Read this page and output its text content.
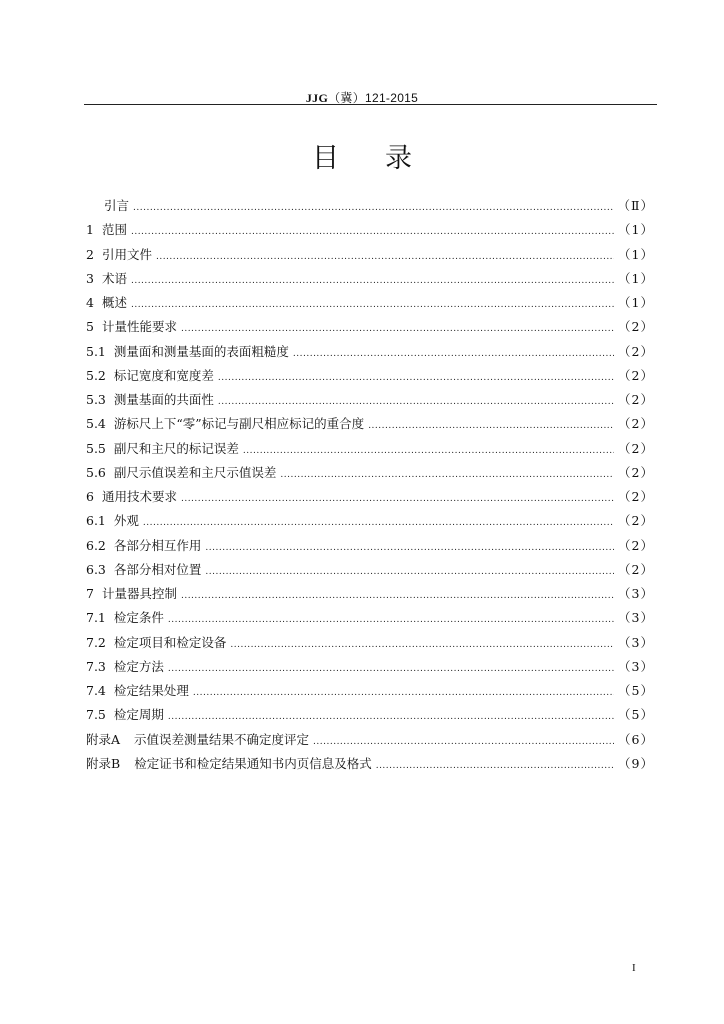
JJG（冀）121-2015
目录
引言 .....	（Ⅱ）
1 范围 .....	（1）
2 引用文件 .....	（1）
3 术语 .....	（1）
4 概述 .....	（1）
5 计量性能要求 .....	（2）
5.1 测量面和测量基面的表面粗糙度 .....	（2）
5.2 标记宽度和宽度差 .....	（2）
5.3 测量基面的共面性 .....	（2）
5.4 游标尺上下“零”标记与副尺相应标记的重合度 .....	（2）
5.5 副尺和主尺的标记误差 .....	（2）
5.6 副尺示值误差和主尺示值误差 .....	（2）
6 通用技术要求 .....	（2）
6.1 外观 .....	（2）
6.2 各部分相互作用 .....	（2）
6.3 各部分相对位置 .....	（2）
7 计量器具控制 .....	（3）
7.1 检定条件 .....	（3）
7.2 检定项目和检定设备 .....	（3）
7.3 检定方法 .....	（3）
7.4 检定结果处理 .....	（5）
7.5 检定周期 .....	（5）
附录A 示值误差测量结果不确定度评定 .....	（6）
附录B 检定证书和检定结果通知书内页信息及格式 .....	（9）
I
